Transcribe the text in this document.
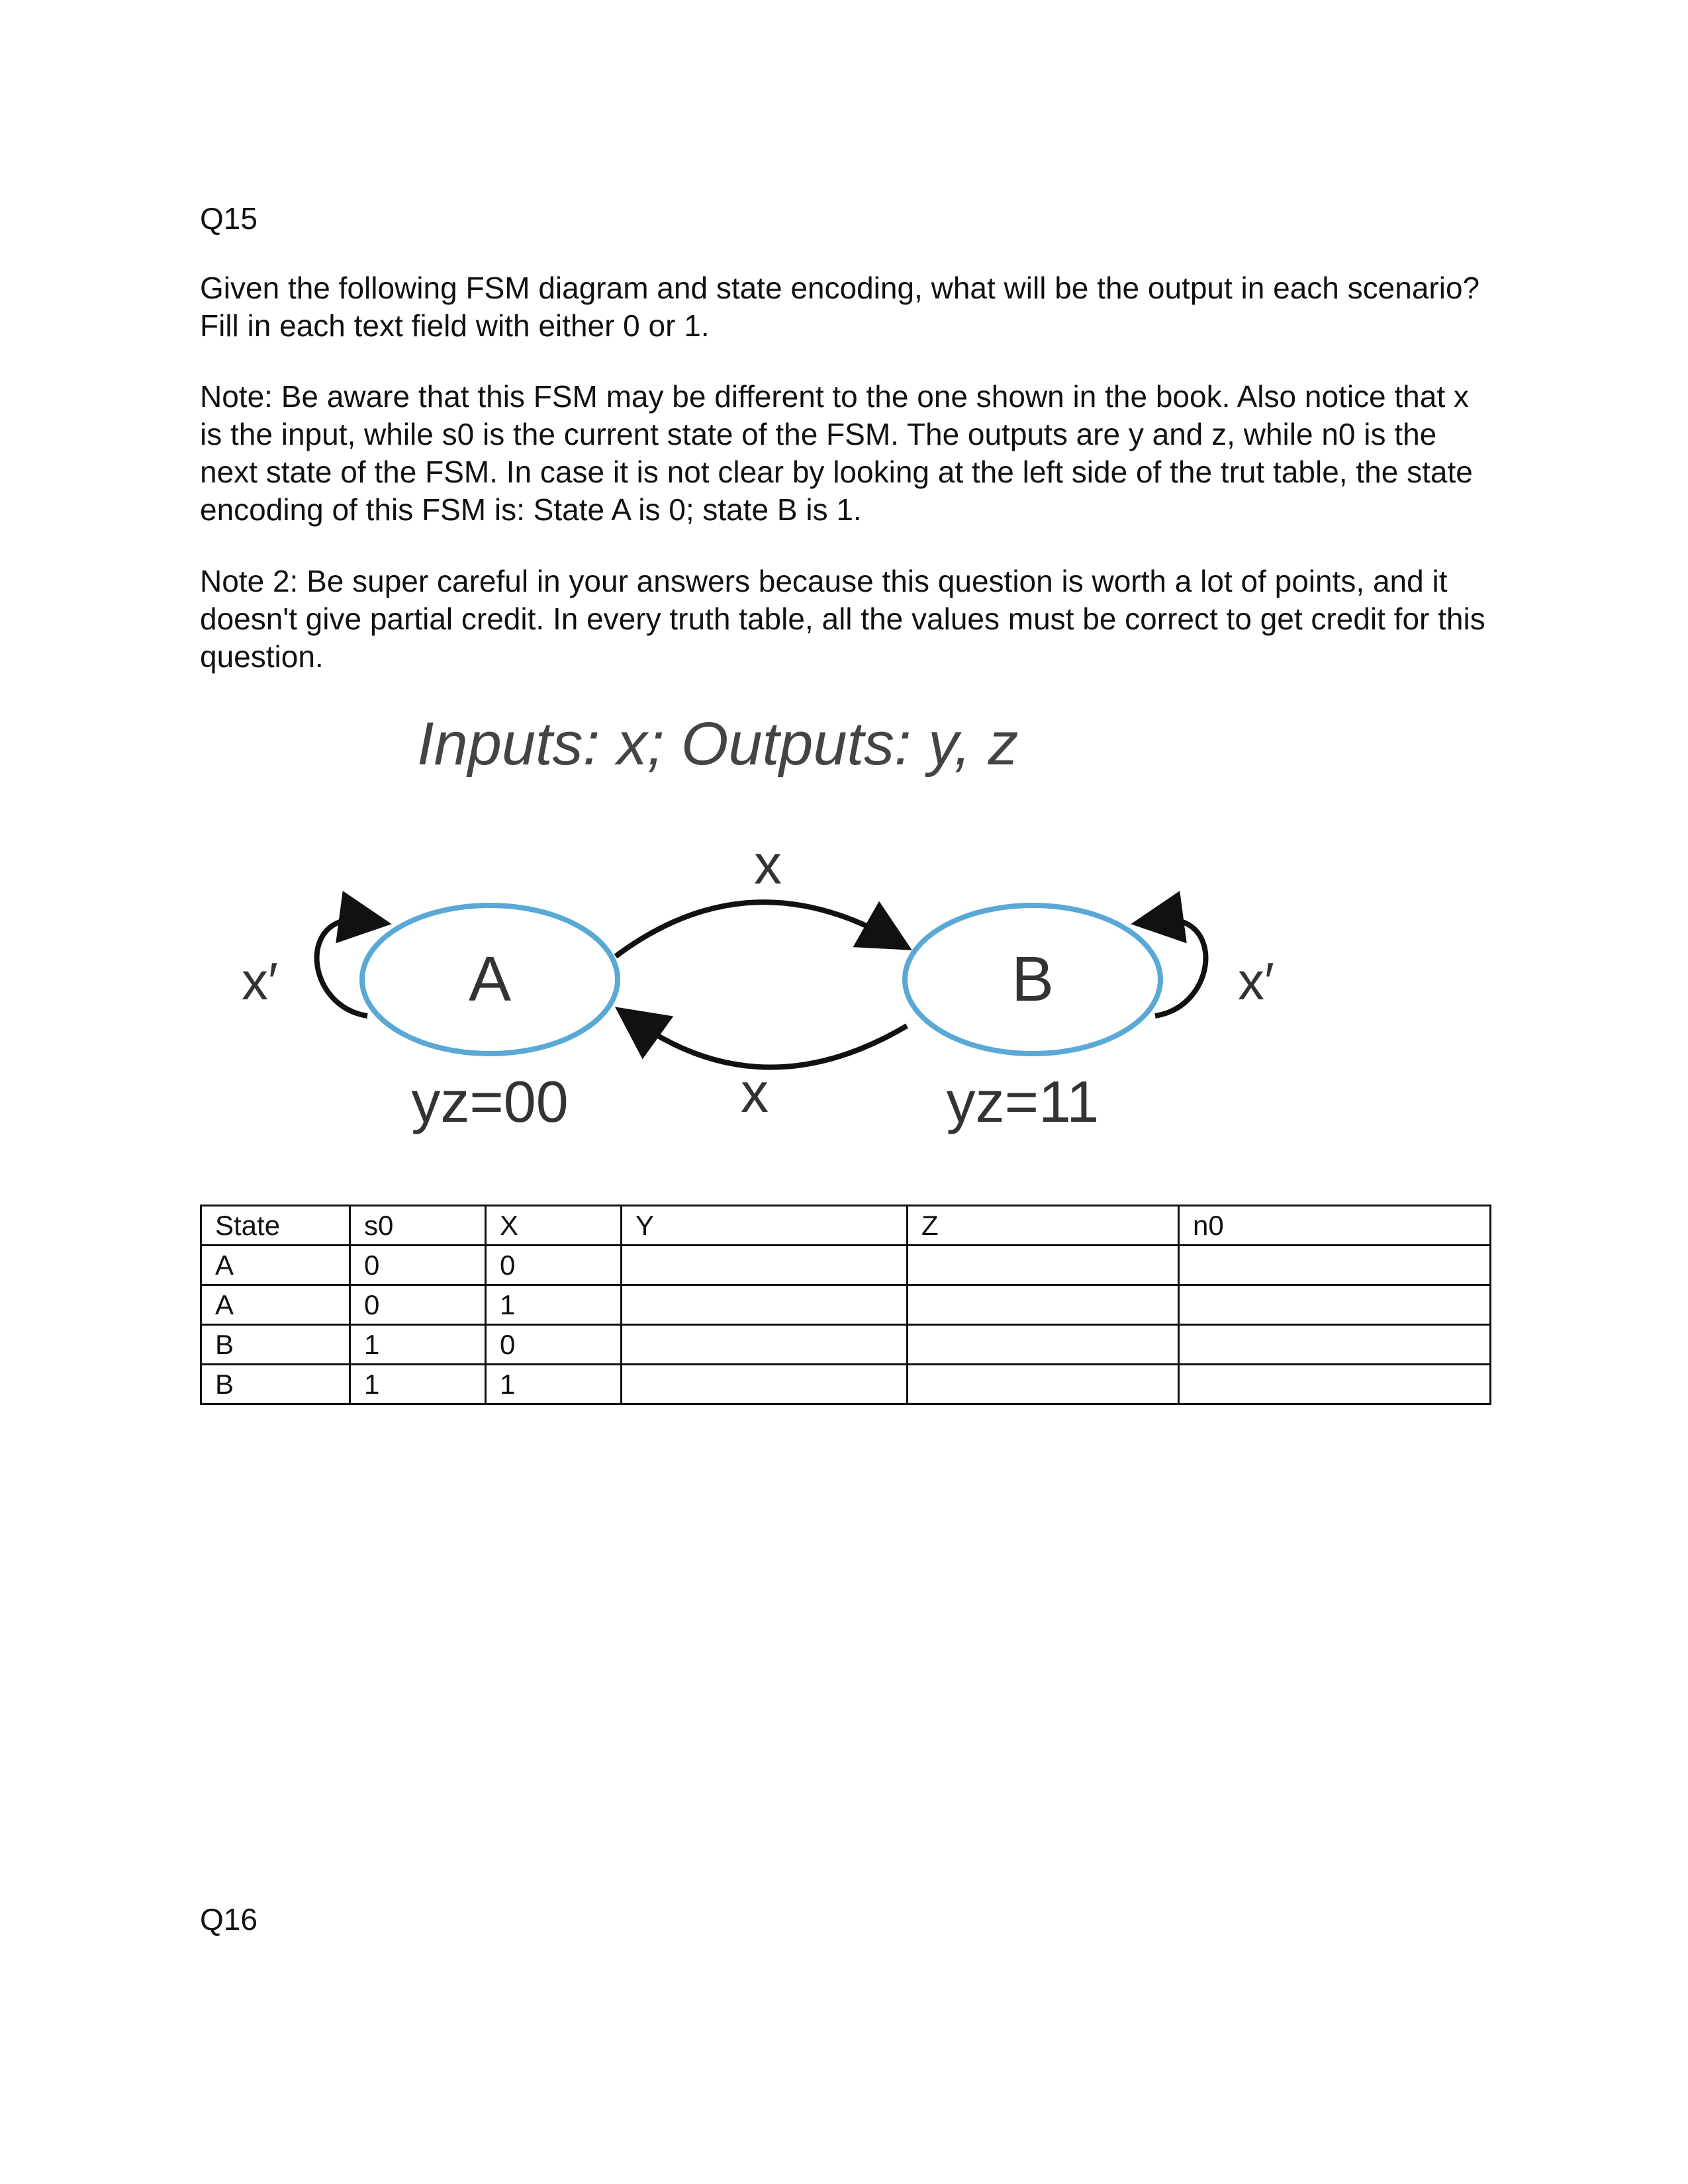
Q15

Given the following FSM diagram and state encoding, what will be the output in each scenario? Fill in each text field with either 0 or 1.

Note: Be aware that this FSM may be different to the one shown in the book. Also notice that x is the input, while s0 is the current state of the FSM. The outputs are y and z, while n0 is the next state of the FSM. In case it is not clear by looking at the left side of the trut table, the state encoding of this FSM is: State A is 0; state B is 1.

Note 2: Be super careful in your answers because this question is worth a lot of points, and it doesn't give partial credit. In every truth table, all the values must be correct to get credit for this question.

Inputs: x; Outputs: y, z
A	B
x
x
x′	x′
yz=00	yz=11
State	s0	X	Y	Z	n0
A	0	0			
A	0	1			
B	1	0			
B	1	1			
Q16
